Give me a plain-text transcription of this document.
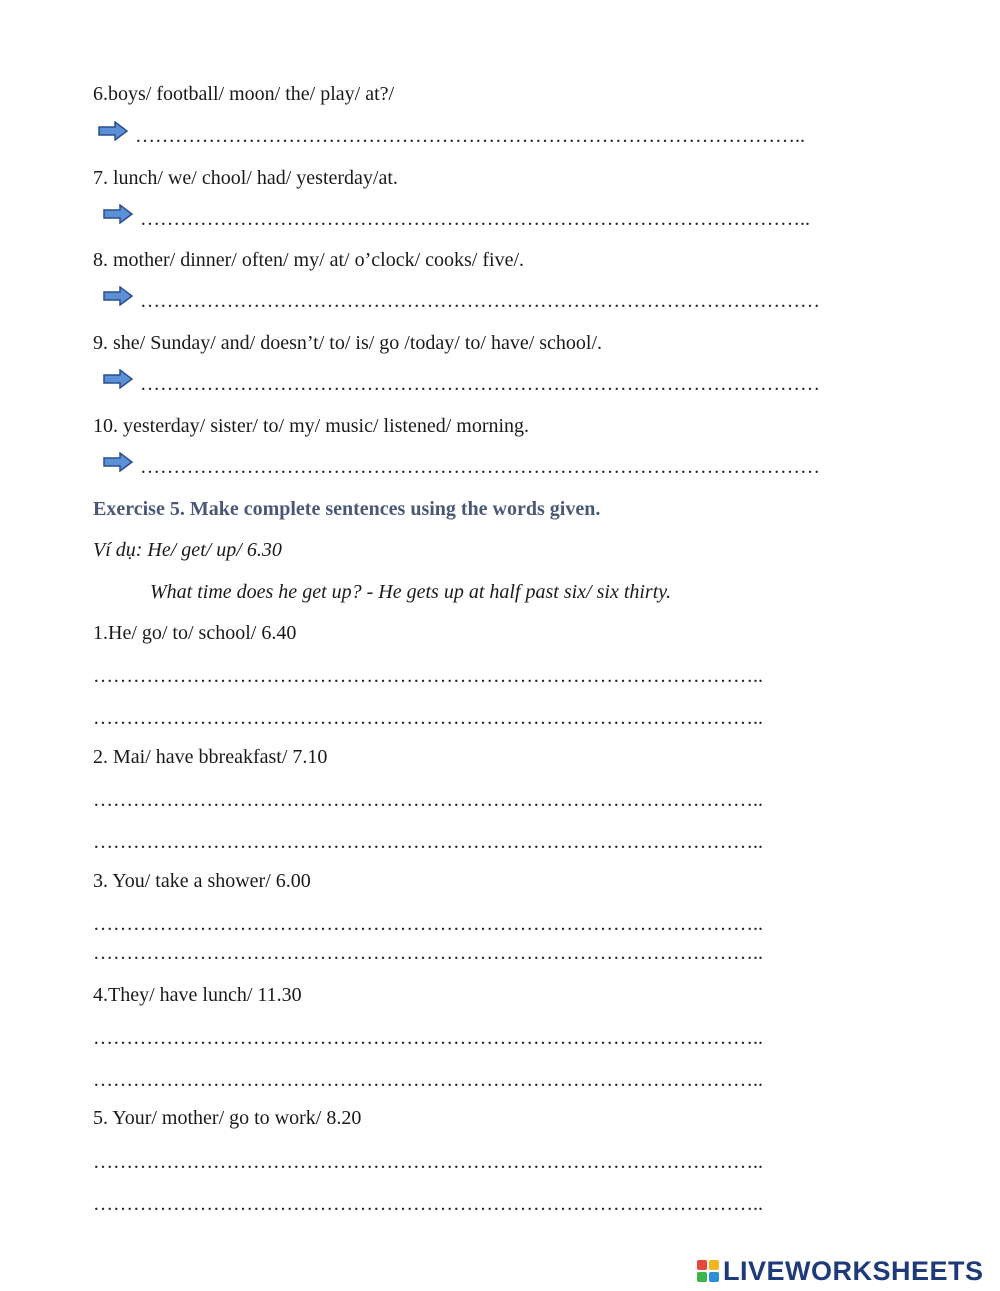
6.boys/ football/ moon/ the/ play/ at?/
………………………………………………………………………………………..
7. lunch/ we/ chool/ had/ yesterday/at.
………………………………………………………………………………………..
8. mother/ dinner/ often/ my/ at/ o’clock/ cooks/ five/.
…………………………………………………………………………………………
9. she/ Sunday/ and/ doesn’t/ to/ is/ go /today/ to/ have/ school/.
…………………………………………………………………………………………
10. yesterday/ sister/ to/ my/ music/ listened/ morning.
…………………………………………………………………………………………
Exercise 5. Make complete sentences using the words given.
Ví dụ: He/ get/ up/ 6.30
What time does he get up? - He gets up at half past six/ six thirty.
1.He/ go/ to/ school/ 6.40
………………………………………………………………………………………..
………………………………………………………………………………………..
2. Mai/ have bbreakfast/ 7.10
………………………………………………………………………………………..
………………………………………………………………………………………..
3. You/ take a shower/ 6.00
………………………………………………………………………………………..
………………………………………………………………………………………..
4.They/ have lunch/ 11.30
………………………………………………………………………………………..
………………………………………………………………………………………..
5. Your/ mother/ go to work/ 8.20
………………………………………………………………………………………..
………………………………………………………………………………………..
LIVEWORKSHEETS
